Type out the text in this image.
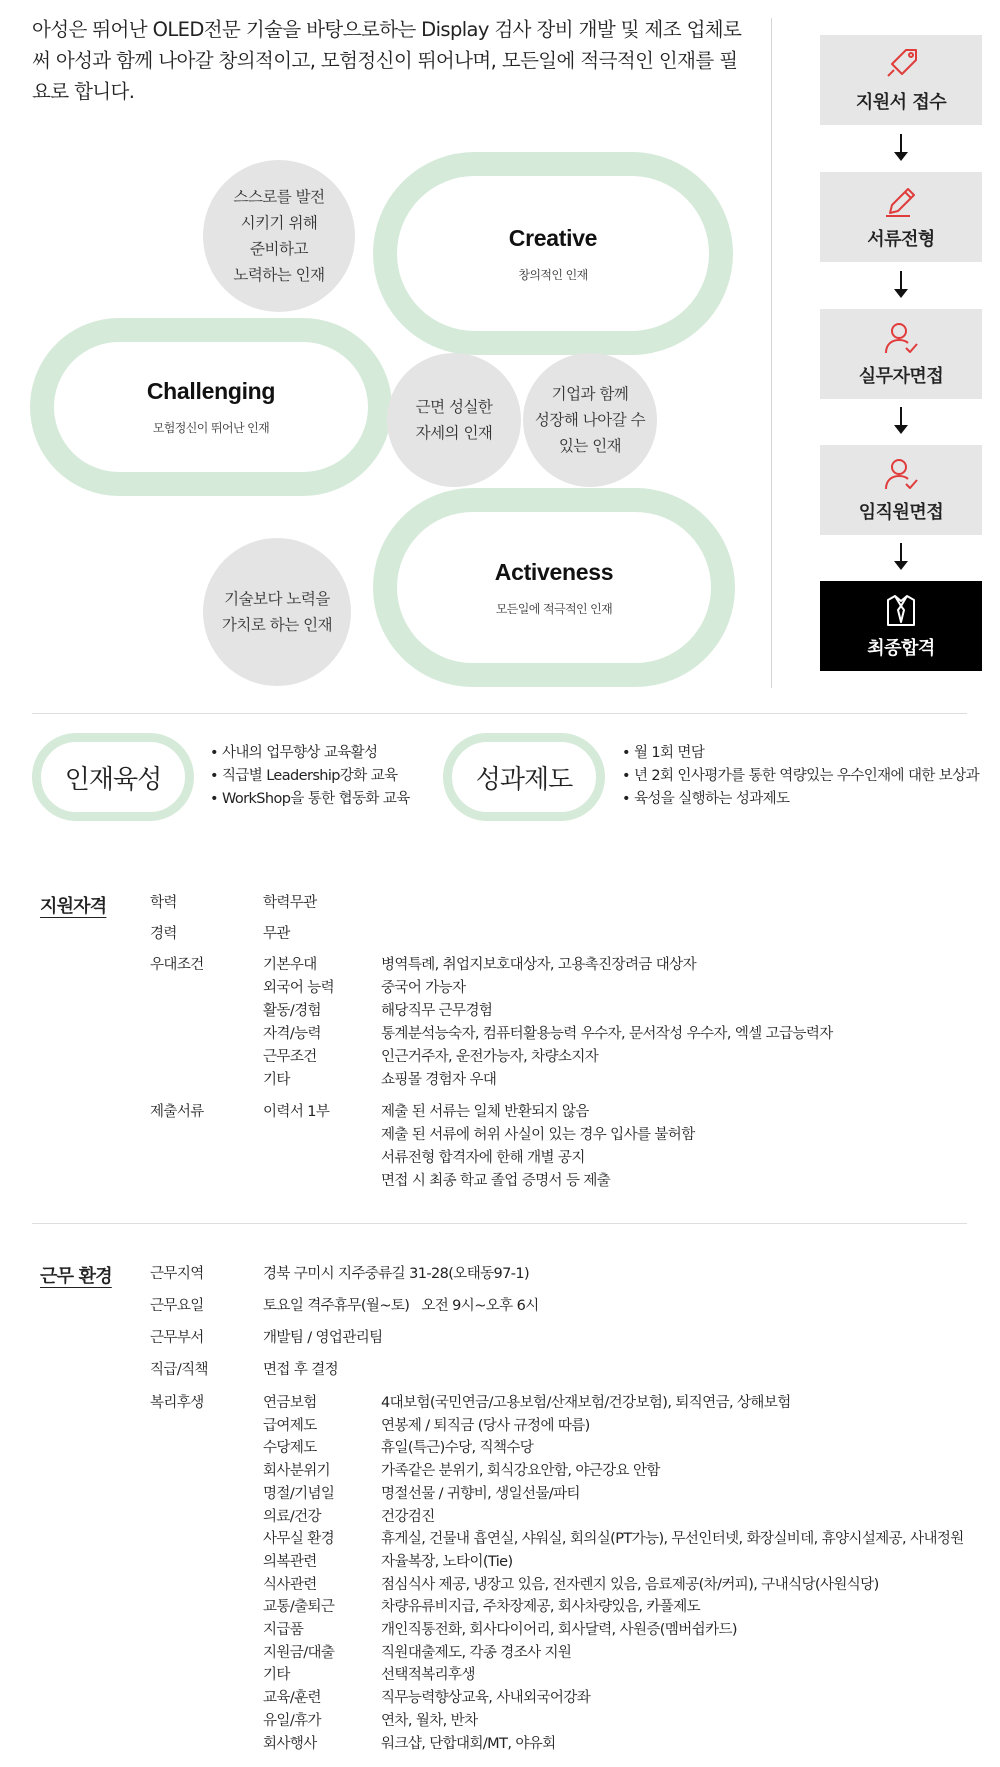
아성은 뛰어난 OLED전문 기술을 바탕으로하는 Display 검사 장비 개발 및 제조 업체로써 아성과 함께 나아갈 창의적이고, 모험정신이 뛰어나며, 모든일에 적극적인 인재를 필요로 합니다.

스스로를 발전
시키기 위해
준비하고
노력하는 인재
Creative
창의적인 인재
Challenging
모험정신이 뛰어난 인재
근면 성실한
자세의 인재
기업과 함께
성장해 나아갈 수
있는 인재
Activeness
모든일에 적극적인 인재
기술보다 노력을
가치로 하는 인재
지원서 접수
서류전형
실무자면접
임직원면접
최종합격
인재육성
• 사내의 업무향상 교육활성
• 직급별 Leadership강화 교육
• WorkShop을 통한 협동화 교육
성과제도
• 월 1회 면담
• 년 2회 인사평가를 통한 역량있는 우수인재에 대한 보상과
• 육성을 실행하는 성과제도
지원자격	학력	학력무관
경력	무관
우대조건	기본우대	병역특례, 취업지보호대상자, 고용촉진장려금 대상자
외국어 능력	중국어 가능자
활동/경험	해당직무 근무경험
자격/능력	통계분석능숙자, 컴퓨터활용능력 우수자, 문서작성 우수자, 엑셀 고급능력자
근무조건	인근거주자, 운전가능자, 차량소지자
기타	쇼핑몰 경험자 우대
제출서류	이력서 1부	제출 된 서류는 일체 반환되지 않음
제출 된 서류에 허위 사실이 있는 경우 입사를 불허함
서류전형 합격자에 한해 개별 공지
면접 시 최종 학교 졸업 증명서 등 제출
근무 환경	근무지역	경북 구미시 지주중류길 31-28(오태동97-1)
근무요일	토요일 격주휴무(월~토)   오전 9시~오후 6시
근무부서	개발팀 / 영업관리팀
직급/직책	면접 후 결정
복리후생	연금보험	4대보험(국민연금/고용보험/산재보험/건강보험), 퇴직연금, 상해보험
급여제도	연봉제 / 퇴직금 (당사 규정에 따름)
수당제도	휴일(특근)수당, 직책수당
회사분위기	가족같은 분위기, 회식강요안함, 야근강요 안함
명절/기념일	명절선물 / 귀향비, 생일선물/파티
의료/건강	건강검진
사무실 환경	휴게실, 건물내 흡연실, 샤워실, 회의실(PT가능), 무선인터넷, 화장실비데, 휴양시설제공, 사내정원
의복관련	자율복장, 노타이(Tie)
식사관련	점심식사 제공, 냉장고 있음, 전자렌지 있음, 음료제공(차/커피), 구내식당(사원식당)
교통/출퇴근	차량유류비지급, 주차장제공, 회사차량있음, 카풀제도
지급품	개인직통전화, 회사다이어리, 회사달력, 사원증(멤버쉽카드)
지원금/대출	직원대출제도, 각종 경조사 지원
기타	선택적복리후생
교육/훈련	직무능력향상교육, 사내외국어강좌
유일/휴가	연차, 월차, 반차
회사행사	워크샵, 단합대회/MT, 야유회
